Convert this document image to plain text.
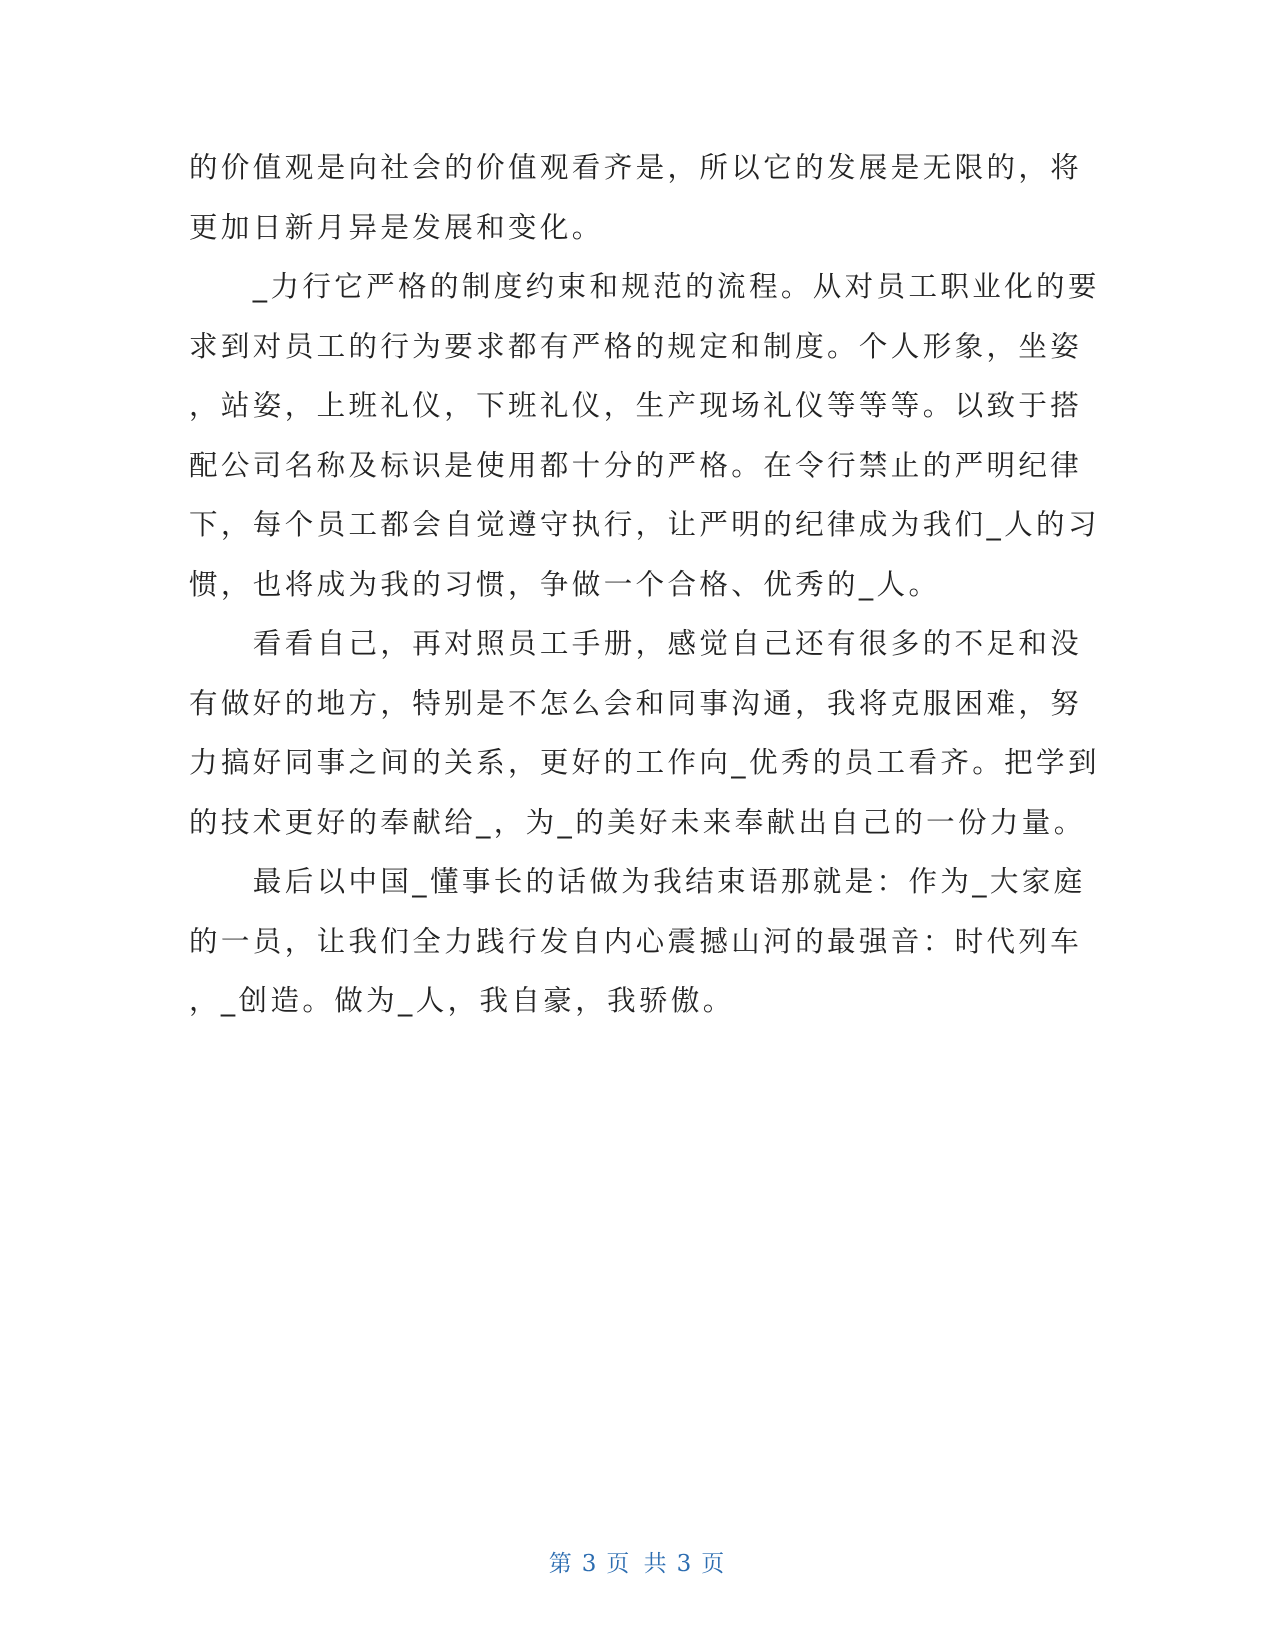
的价值观是向社会的价值观看齐是，所以它的发展是无限的，将
更加日新月异是发展和变化。
　　_力行它严格的制度约束和规范的流程。从对员工职业化的要
求到对员工的行为要求都有严格的规定和制度。个人形象，坐姿
，站姿，上班礼仪，下班礼仪，生产现场礼仪等等等。以致于搭
配公司名称及标识是使用都十分的严格。在令行禁止的严明纪律
下，每个员工都会自觉遵守执行，让严明的纪律成为我们_人的习
惯，也将成为我的习惯，争做一个合格、优秀的_人。
　　看看自己，再对照员工手册，感觉自己还有很多的不足和没
有做好的地方，特别是不怎么会和同事沟通，我将克服困难，努
力搞好同事之间的关系，更好的工作向_优秀的员工看齐。把学到
的技术更好的奉献给_，为_的美好未来奉献出自己的一份力量。
　　最后以中国_懂事长的话做为我结束语那就是：作为_大家庭
的一员，让我们全力践行发自内心震撼山河的最强音：时代列车
，_创造。做为_人，我自豪，我骄傲。
第 3 页 共 3 页
